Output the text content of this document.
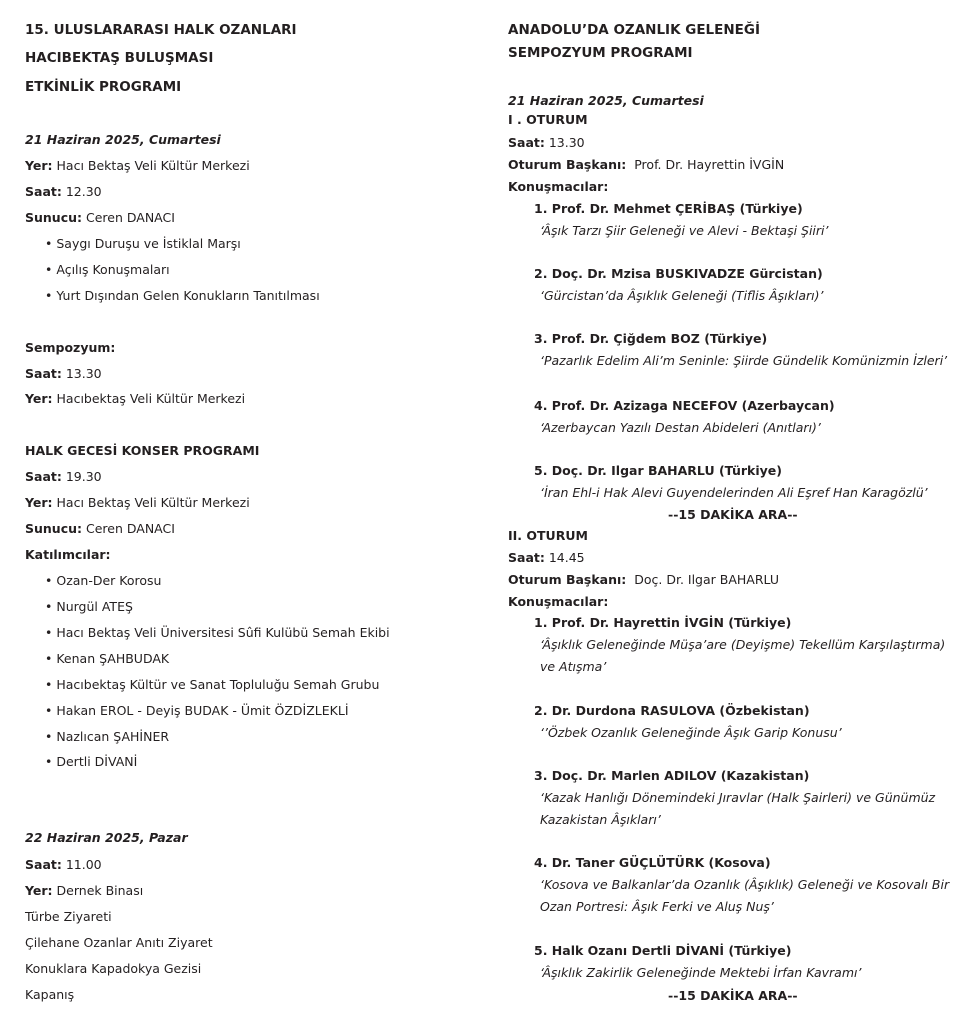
15. ULUSLARARASI HALK OZANLARI
HACIBEKTAŞ BULUŞMASI
ETKİNLİK PROGRAMI
21 Haziran 2025, Cumartesi
Yer: Hacı Bektaş Veli Kültür Merkezi
Saat: 12.30
Sunucu: Ceren DANACI
• Saygı Duruşu ve İstiklal Marşı
• Açılış Konuşmaları
• Yurt Dışından Gelen Konukların Tanıtılması
Sempozyum:
Saat: 13.30
Yer: Hacıbektaş Veli Kültür Merkezi
HALK GECESİ KONSER PROGRAMI
Saat: 19.30
Yer: Hacı Bektaş Veli Kültür Merkezi
Sunucu: Ceren DANACI
Katılımcılar:
• Ozan-Der Korosu
• Nurgül ATEŞ
• Hacı Bektaş Veli Üniversitesi Sûfi Kulübü Semah Ekibi
• Kenan ŞAHBUDAK
• Hacıbektaş Kültür ve Sanat Topluluğu Semah Grubu
• Hakan EROL - Deyiş BUDAK - Ümit ÖZDİZLEKLİ
• Nazlıcan ŞAHİNER
• Dertli DİVANİ
22 Haziran 2025, Pazar
Saat: 11.00
Yer: Dernek Binası
Türbe Ziyareti
Çilehane Ozanlar Anıtı Ziyaret
Konuklara Kapadokya Gezisi
Kapanış
ANADOLU’DA OZANLIK GELENEĞİ
SEMPOZYUM PROGRAMI
21 Haziran 2025, Cumartesi
I . OTURUM
Saat: 13.30
Oturum Başkanı: Prof. Dr. Hayrettin İVGİN
Konuşmacılar:
1. Prof. Dr. Mehmet ÇERİBAŞ (Türkiye)
‘Âşık Tarzı Şiir Geleneği ve Alevi - Bektaşi Şiiri’
2. Doç. Dr. Mzisa BUSKIVADZE Gürcistan)
‘Gürcistan’da Âşıklık Geleneği (Tiflis Âşıkları)’
3. Prof. Dr. Çiğdem BOZ (Türkiye)
‘Pazarlık Edelim Ali’m Seninle: Şiirde Gündelik Komünizmin İzleri’
4. Prof. Dr. Azizaga NECEFOV (Azerbaycan)
‘Azerbaycan Yazılı Destan Abideleri (Anıtları)’
5. Doç. Dr. Ilgar BAHARLU (Türkiye)
‘İran Ehl-i Hak Alevi Guyendelerinden Ali Eşref Han Karagözlü’
--15 DAKİKA ARA--
II. OTURUM
Saat: 14.45
Oturum Başkanı: Doç. Dr. Ilgar BAHARLU
Konuşmacılar:
1. Prof. Dr. Hayrettin İVGİN (Türkiye)
‘Âşıklık Geleneğinde Müşa’are (Deyişme) Tekellüm Karşılaştırma)
ve Atışma’
2. Dr. Durdona RASULOVA (Özbekistan)
‘’Özbek Ozanlık Geleneğinde Âşık Garip Konusu’
3. Doç. Dr. Marlen ADILOV (Kazakistan)
‘Kazak Hanlığı Dönemindeki Jıravlar (Halk Şairleri) ve Günümüz
Kazakistan Âşıkları’
4. Dr. Taner GÜÇLÜTÜRK (Kosova)
‘Kosova ve Balkanlar’da Ozanlık (Âşıklık) Geleneği ve Kosovalı Bir
Ozan Portresi: Âşık Ferki ve Aluş Nuş’
5. Halk Ozanı Dertli DİVANİ (Türkiye)
‘Âşıklık Zakirlik Geleneğinde Mektebi İrfan Kavramı’
--15 DAKİKA ARA--
